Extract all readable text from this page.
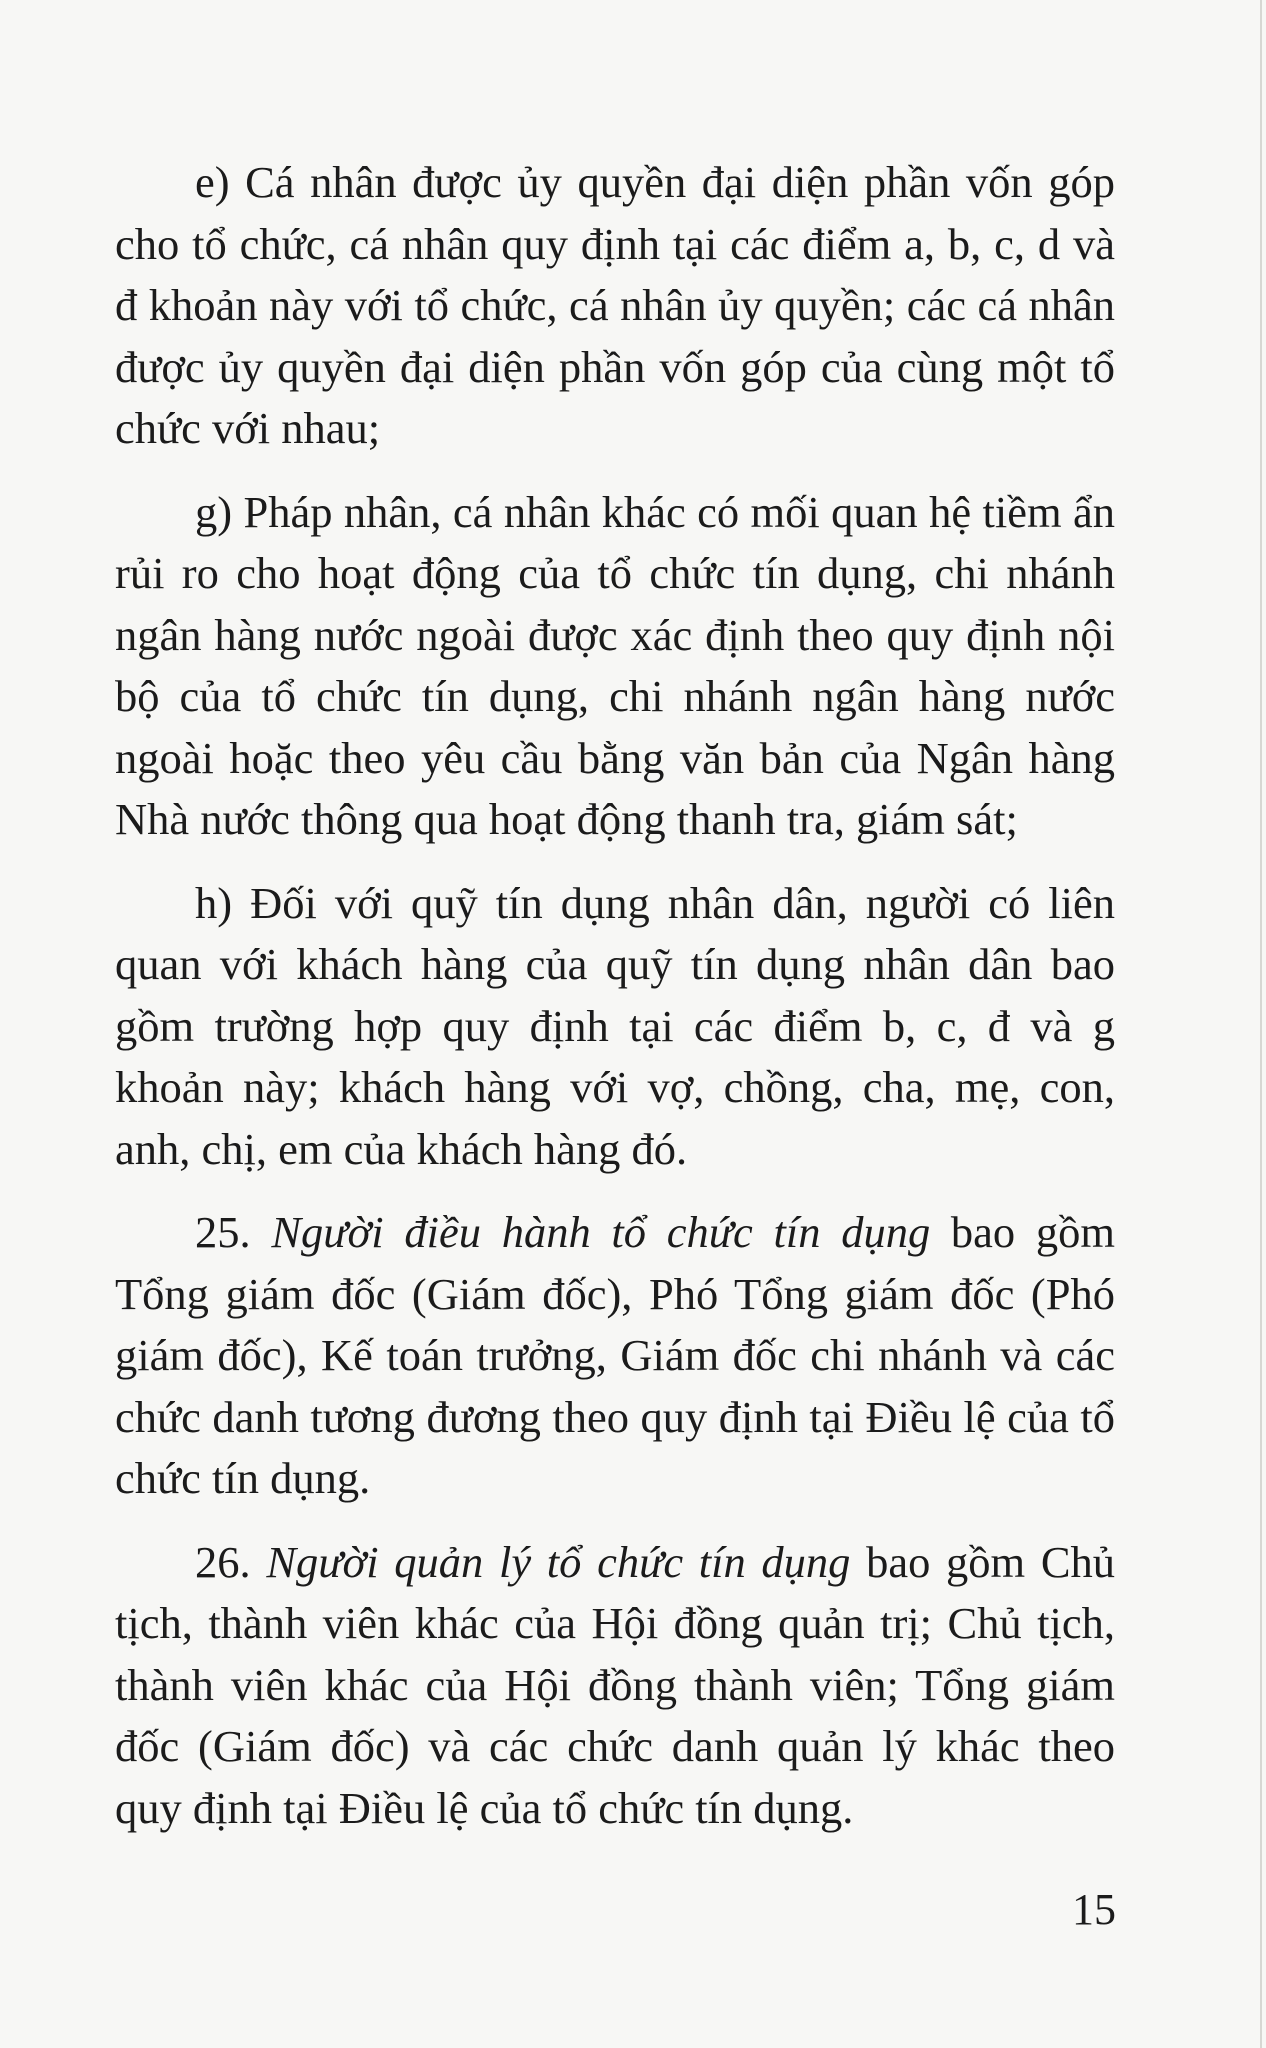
e) Cá nhân được ủy quyền đại diện phần vốn góp cho tổ chức, cá nhân quy định tại các điểm a, b, c, d và đ khoản này với tổ chức, cá nhân ủy quyền; các cá nhân được ủy quyền đại diện phần vốn góp của cùng một tổ chức với nhau;

g) Pháp nhân, cá nhân khác có mối quan hệ tiềm ẩn rủi ro cho hoạt động của tổ chức tín dụng, chi nhánh ngân hàng nước ngoài được xác định theo quy định nội bộ của tổ chức tín dụng, chi nhánh ngân hàng nước ngoài hoặc theo yêu cầu bằng văn bản của Ngân hàng Nhà nước thông qua hoạt động thanh tra, giám sát;

h) Đối với quỹ tín dụng nhân dân, người có liên quan với khách hàng của quỹ tín dụng nhân dân bao gồm trường hợp quy định tại các điểm b, c, đ và g khoản này; khách hàng với vợ, chồng, cha, mẹ, con, anh, chị, em của khách hàng đó.

25. Người điều hành tổ chức tín dụng bao gồm Tổng giám đốc (Giám đốc), Phó Tổng giám đốc (Phó giám đốc), Kế toán trưởng, Giám đốc chi nhánh và các chức danh tương đương theo quy định tại Điều lệ của tổ chức tín dụng.

26. Người quản lý tổ chức tín dụng bao gồm Chủ tịch, thành viên khác của Hội đồng quản trị; Chủ tịch, thành viên khác của Hội đồng thành viên; Tổng giám đốc (Giám đốc) và các chức danh quản lý khác theo quy định tại Điều lệ của tổ chức tín dụng.

15
